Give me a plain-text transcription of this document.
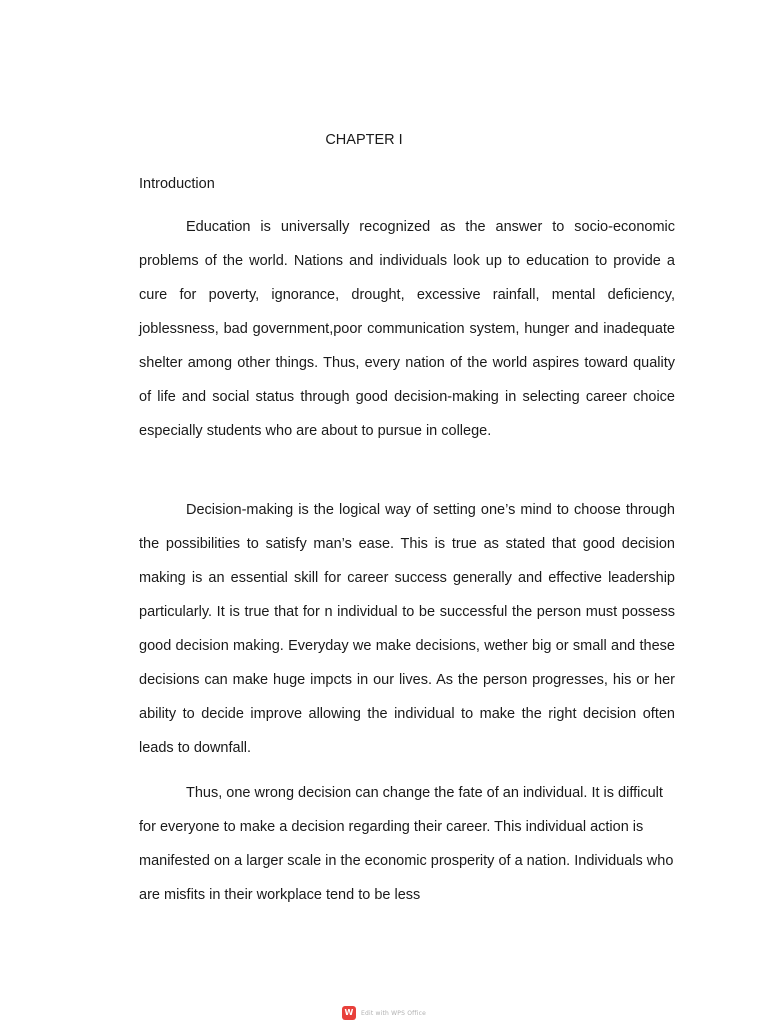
CHAPTER I
Introduction

Education is universally recognized as the answer to socio-economic problems of the world. Nations and individuals look up to education to provide a cure for poverty, ignorance, drought, excessive rainfall, mental deficiency, joblessness, bad government,poor communication system, hunger and inadequate shelter among other things. Thus, every nation of the world aspires toward quality of life and social status through good decision-making in selecting career choice especially students who are about to pursue in college.

Decision-making is the logical way of setting one’s mind to choose through the possibilities to satisfy man’s ease. This is true as stated that good decision making is an essential skill for career success generally and effective leadership particularly. It is true that for n individual to be successful the person must possess good decision making. Everyday we make decisions, wether big or small and these decisions can make huge impcts in our lives. As the person progresses, his or her ability to decide improve allowing the individual to make the right decision often leads to downfall.

Thus, one wrong decision can change the fate of an individual. It is difficult for everyone to make a decision regarding their career. This individual action is manifested on a larger scale in the economic prosperity of a nation. Individuals who are misfits in their workplace tend to be less

W	Edit with WPS Office
